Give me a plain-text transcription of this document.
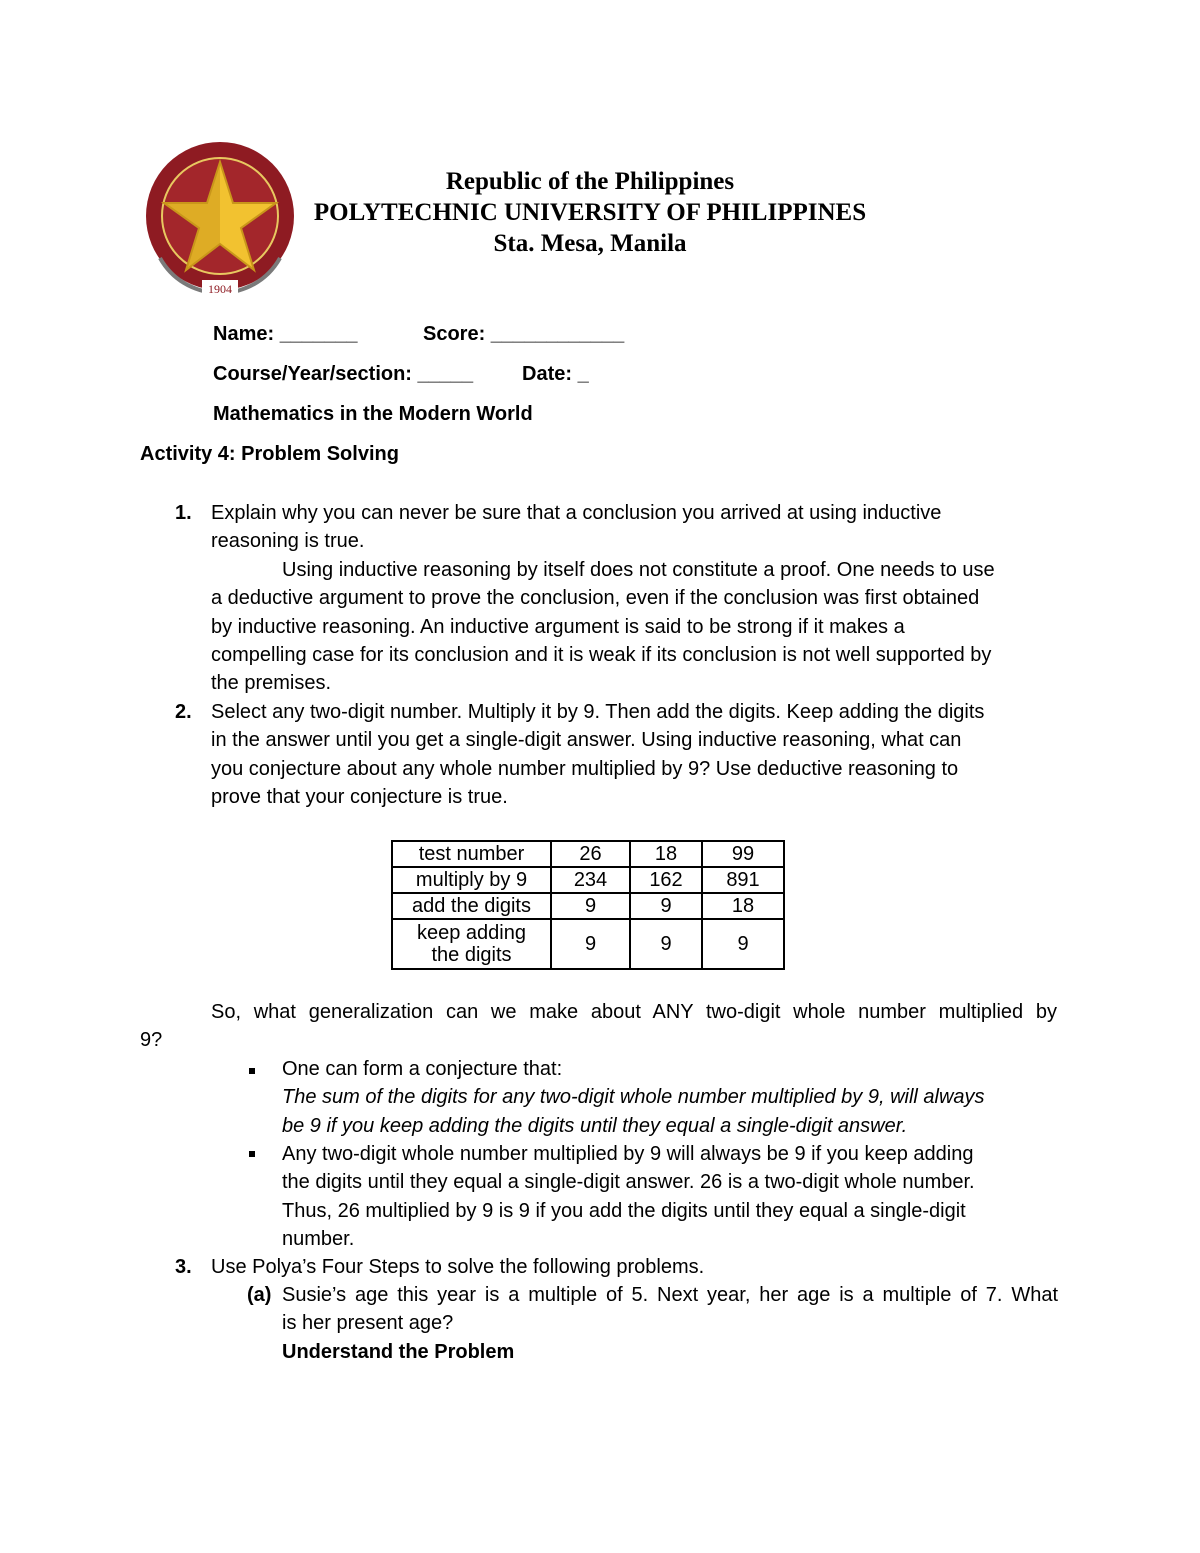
1904
Republic of the Philippines
POLYTECHNIC UNIVERSITY OF PHILIPPINES
Sta. Mesa, Manila
Name: _______	Score: ____________
Course/Year/section: _____ Date: _
Mathematics in the Modern World
Activity 4: Problem Solving
1. Explain why you can never be sure that a conclusion you arrived at using inductive
reasoning is true.
Using inductive reasoning by itself does not constitute a proof. One needs to use
a deductive argument to prove the conclusion, even if the conclusion was first obtained
by inductive reasoning. An inductive argument is said to be strong if it makes a
compelling case for its conclusion and it is weak if its conclusion is not well supported by
the premises.
2. Select any two-digit number. Multiply it by 9. Then add the digits. Keep adding the digits
in the answer until you get a single-digit answer. Using inductive reasoning, what can
you conjecture about any whole number multiplied by 9? Use deductive reasoning to
prove that your conjecture is true.
test number	26	18	99
multiply by 9	234	162	891
add the digits	9	9	18
keep adding the digits	9	9	9
So, what generalization can we make about ANY two-digit whole number multiplied by
9?
One can form a conjecture that:
The sum of the digits for any two-digit whole number multiplied by 9, will always
be 9 if you keep adding the digits until they equal a single-digit answer.
Any two-digit whole number multiplied by 9 will always be 9 if you keep adding
the digits until they equal a single-digit answer. 26 is a two-digit whole number.
Thus, 26 multiplied by 9 is 9 if you add the digits until they equal a single-digit
number.
3. Use Polya’s Four Steps to solve the following problems.
(a) Susie’s age this year is a multiple of 5. Next year, her age is a multiple of 7. What
is her present age?
Understand the Problem
